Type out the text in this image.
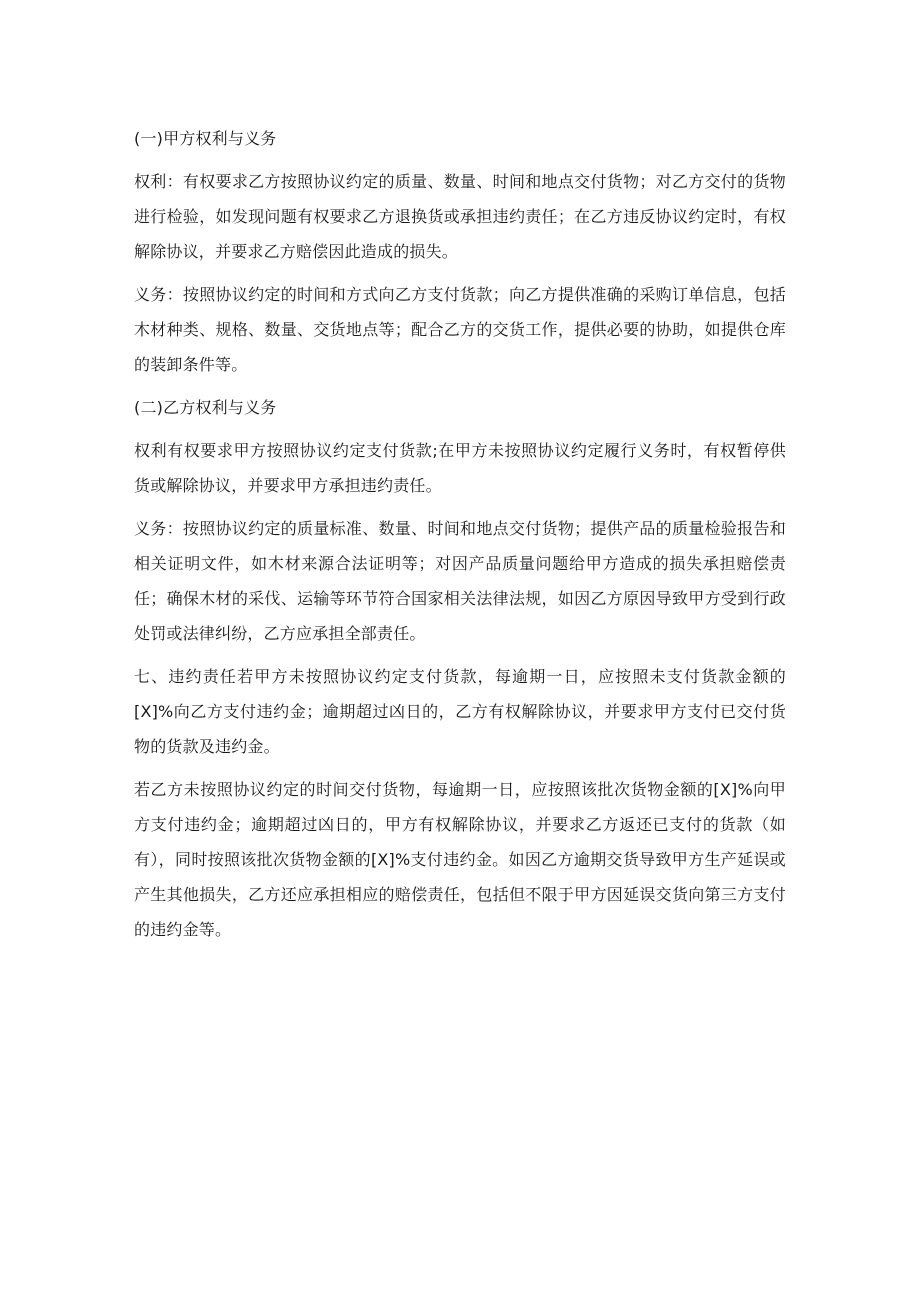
(一)甲方权利与义务

权利：有权要求乙方按照协议约定的质量、数量、时间和地点交付货物；对乙方交付的货物进行检验，如发现问题有权要求乙方退换货或承担违约责任；在乙方违反协议约定时，有权解除协议，并要求乙方赔偿因此造成的损失。

义务：按照协议约定的时间和方式向乙方支付货款；向乙方提供准确的采购订单信息，包括木材种类、规格、数量、交货地点等；配合乙方的交货工作，提供必要的协助，如提供仓库的装卸条件等。

(二)乙方权利与义务

权利有权要求甲方按照协议约定支付货款;在甲方未按照协议约定履行义务时，有权暂停供货或解除协议，并要求甲方承担违约责任。

义务：按照协议约定的质量标准、数量、时间和地点交付货物；提供产品的质量检验报告和相关证明文件，如木材来源合法证明等；对因产品质量问题给甲方造成的损失承担赔偿责任；确保木材的采伐、运输等环节符合国家相关法律法规，如因乙方原因导致甲方受到行政处罚或法律纠纷，乙方应承担全部责任。

七、违约责任若甲方未按照协议约定支付货款，每逾期一日，应按照未支付货款金额的[X]%向乙方支付违约金；逾期超过凶日的，乙方有权解除协议，并要求甲方支付已交付货物的货款及违约金。

若乙方未按照协议约定的时间交付货物，每逾期一日，应按照该批次货物金额的[X]%向甲方支付违约金；逾期超过凶日的，甲方有权解除协议，并要求乙方返还已支付的货款（如有），同时按照该批次货物金额的[X]%支付违约金。如因乙方逾期交货导致甲方生产延误或产生其他损失，乙方还应承担相应的赔偿责任，包括但不限于甲方因延误交货向第三方支付的违约金等。
